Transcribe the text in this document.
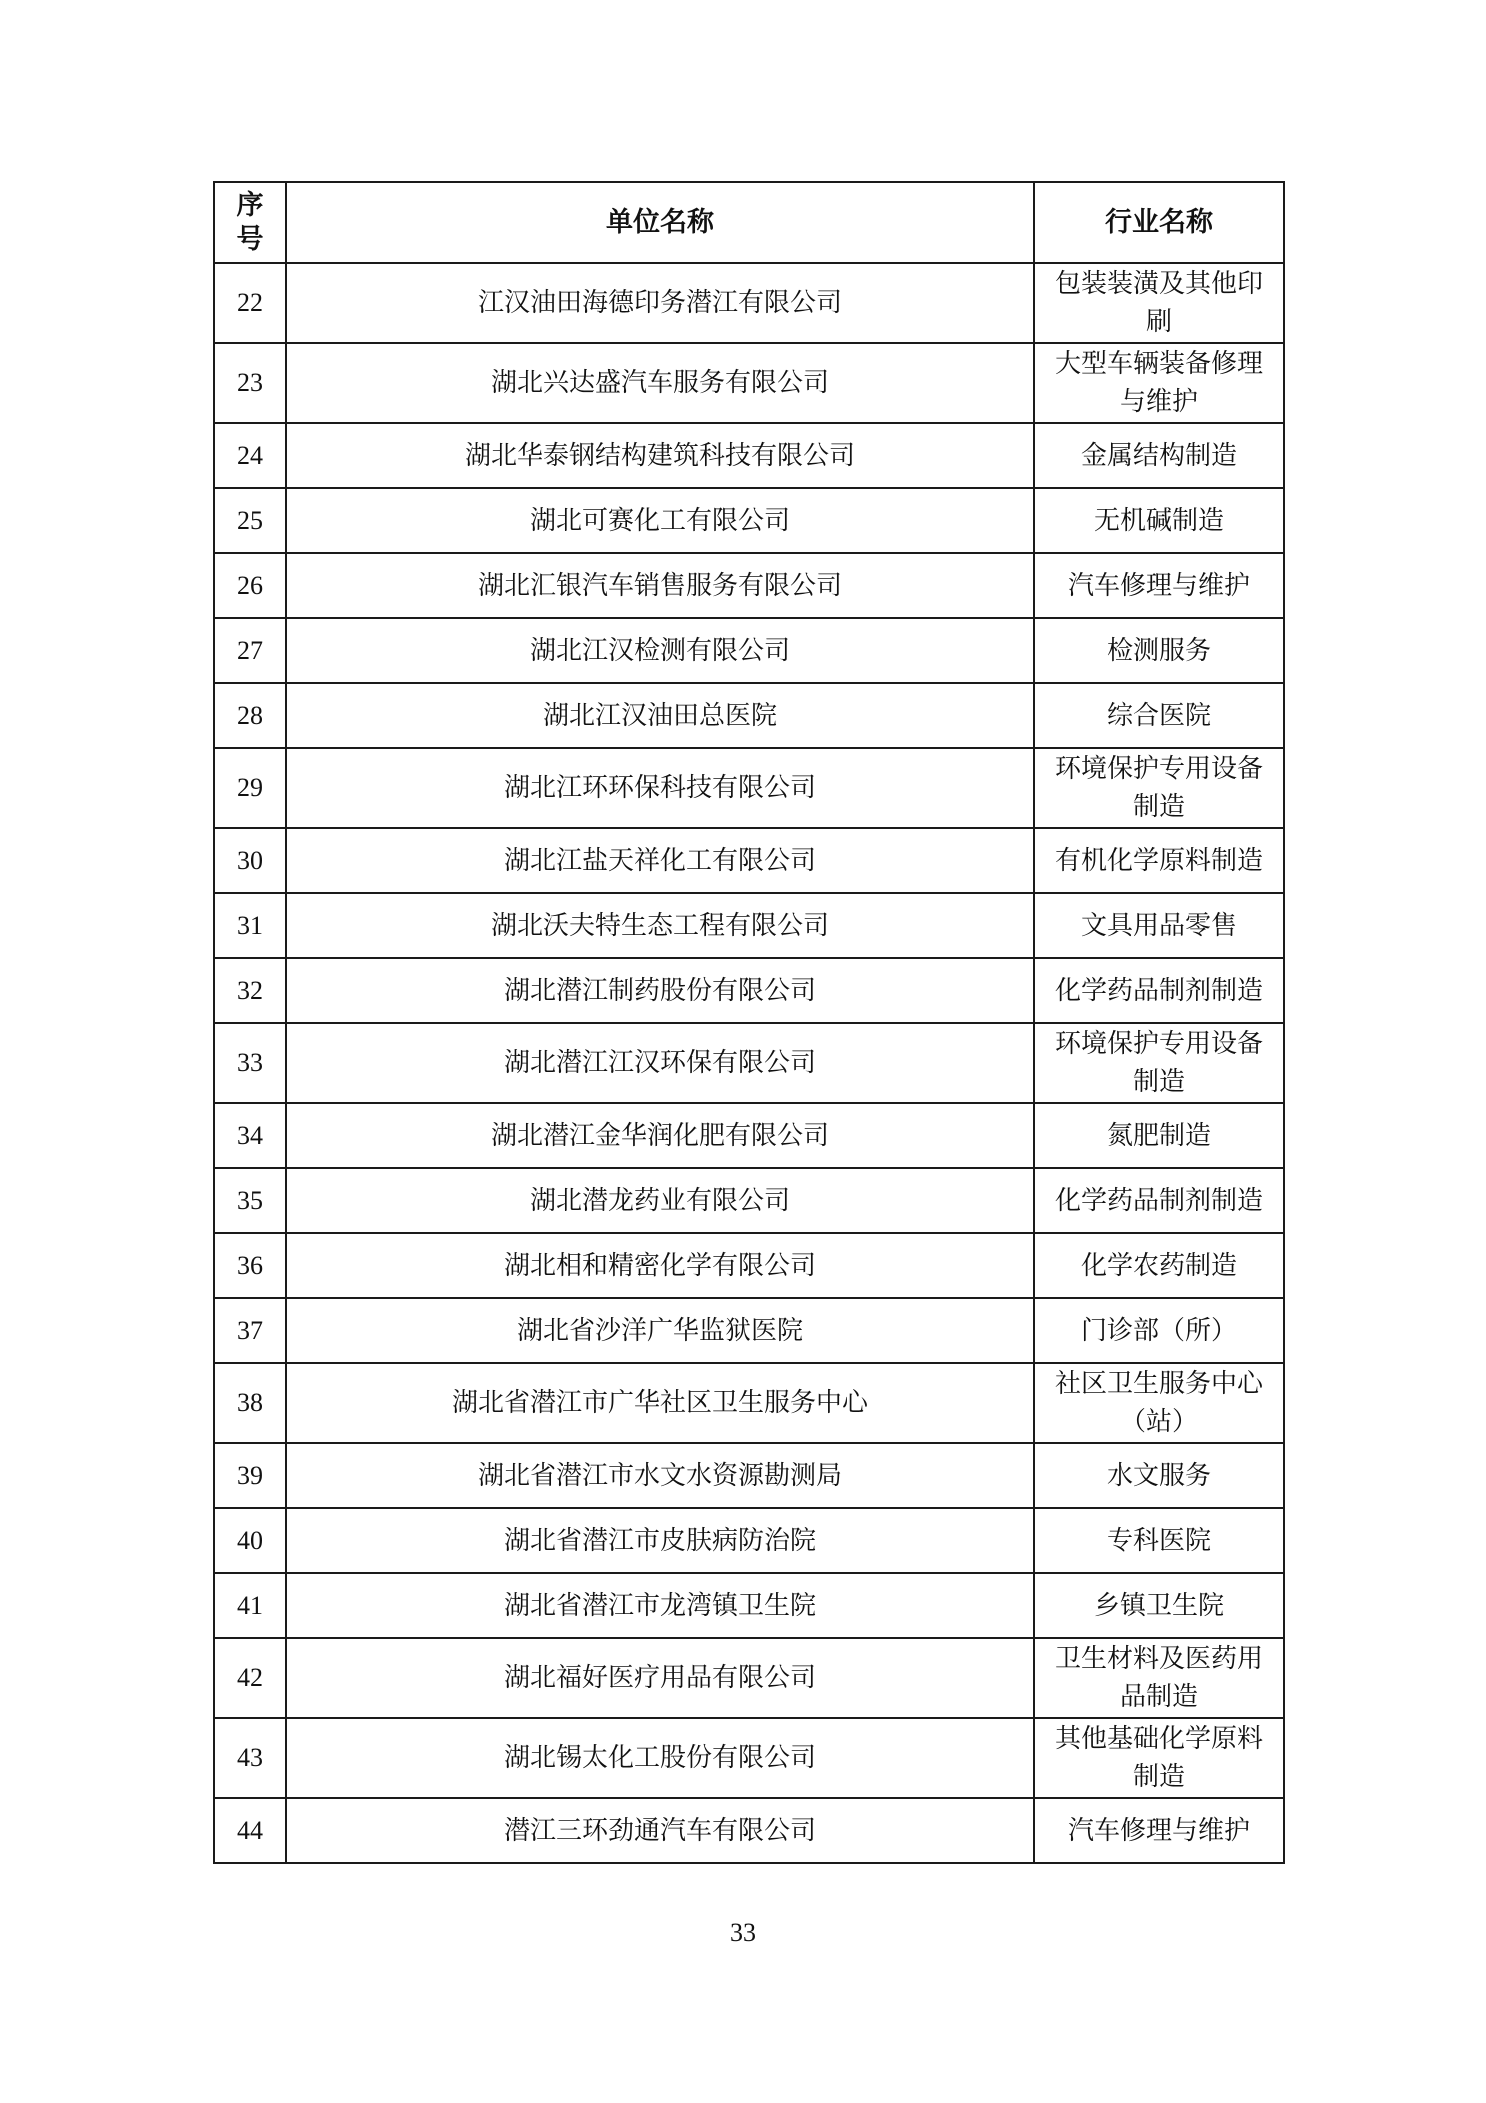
序号	单位名称	行业名称
22	江汉油田海德印务潜江有限公司	包装装潢及其他印刷
23	湖北兴达盛汽车服务有限公司	大型车辆装备修理与维护
24	湖北华泰钢结构建筑科技有限公司	金属结构制造
25	湖北可赛化工有限公司	无机碱制造
26	湖北汇银汽车销售服务有限公司	汽车修理与维护
27	湖北江汉检测有限公司	检测服务
28	湖北江汉油田总医院	综合医院
29	湖北江环环保科技有限公司	环境保护专用设备制造
30	湖北江盐天祥化工有限公司	有机化学原料制造
31	湖北沃夫特生态工程有限公司	文具用品零售
32	湖北潜江制药股份有限公司	化学药品制剂制造
33	湖北潜江江汉环保有限公司	环境保护专用设备制造
34	湖北潜江金华润化肥有限公司	氮肥制造
35	湖北潜龙药业有限公司	化学药品制剂制造
36	湖北相和精密化学有限公司	化学农药制造
37	湖北省沙洋广华监狱医院	门诊部（所）
38	湖北省潜江市广华社区卫生服务中心	社区卫生服务中心（站）
39	湖北省潜江市水文水资源勘测局	水文服务
40	湖北省潜江市皮肤病防治院	专科医院
41	湖北省潜江市龙湾镇卫生院	乡镇卫生院
42	湖北福好医疗用品有限公司	卫生材料及医药用品制造
43	湖北锡太化工股份有限公司	其他基础化学原料制造
44	潜江三环劲通汽车有限公司	汽车修理与维护
33
